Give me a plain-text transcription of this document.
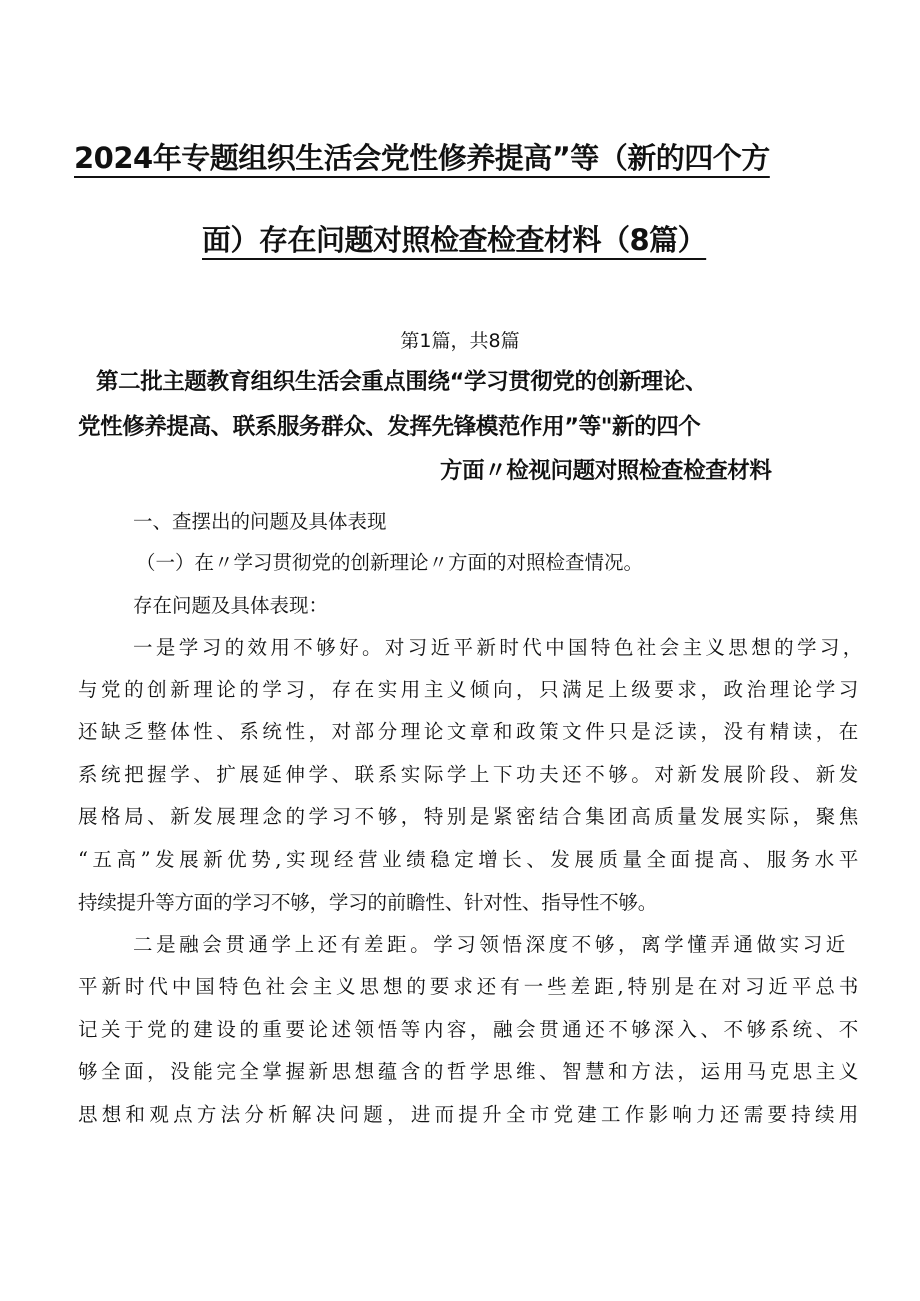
2024年专题组织生活会党性修养提高”等（新的四个方
面）存在问题对照检查检查材料（8篇）
第1篇，共8篇
第二批主题教育组织生活会重点围绕“学习贯彻党的创新理论、
党性修养提高、联系服务群众、发挥先锋模范作用”等"新的四个
方面〃检视问题对照检查检查材料
一、查摆出的问题及具体表现
（一）在〃学习贯彻党的创新理论〃方面的对照检查情况。
存在问题及具体表现：
一是学习的效用不够好。对习近平新时代中国特色社会主义思想的学习，
与党的创新理论的学习，存在实用主义倾向，只满足上级要求，政治理论学习
还缺乏整体性、系统性，对部分理论文章和政策文件只是泛读，没有精读，在
系统把握学、扩展延伸学、联系实际学上下功夫还不够。对新发展阶段、新发
展格局、新发展理念的学习不够，特别是紧密结合集团高质量发展实际，聚焦
“五高”发展新优势,实现经营业绩稳定增长、发展质量全面提高、服务水平
持续提升等方面的学习不够，学习的前瞻性、针对性、指导性不够。
二是融会贯通学上还有差距。学习领悟深度不够，离学懂弄通做实习近
平新时代中国特色社会主义思想的要求还有一些差距,特别是在对习近平总书
记关于党的建设的重要论述领悟等内容，融会贯通还不够深入、不够系统、不
够全面，没能完全掌握新思想蕴含的哲学思维、智慧和方法，运用马克思主义
思想和观点方法分析解决问题，进而提升全市党建工作影响力还需要持续用
